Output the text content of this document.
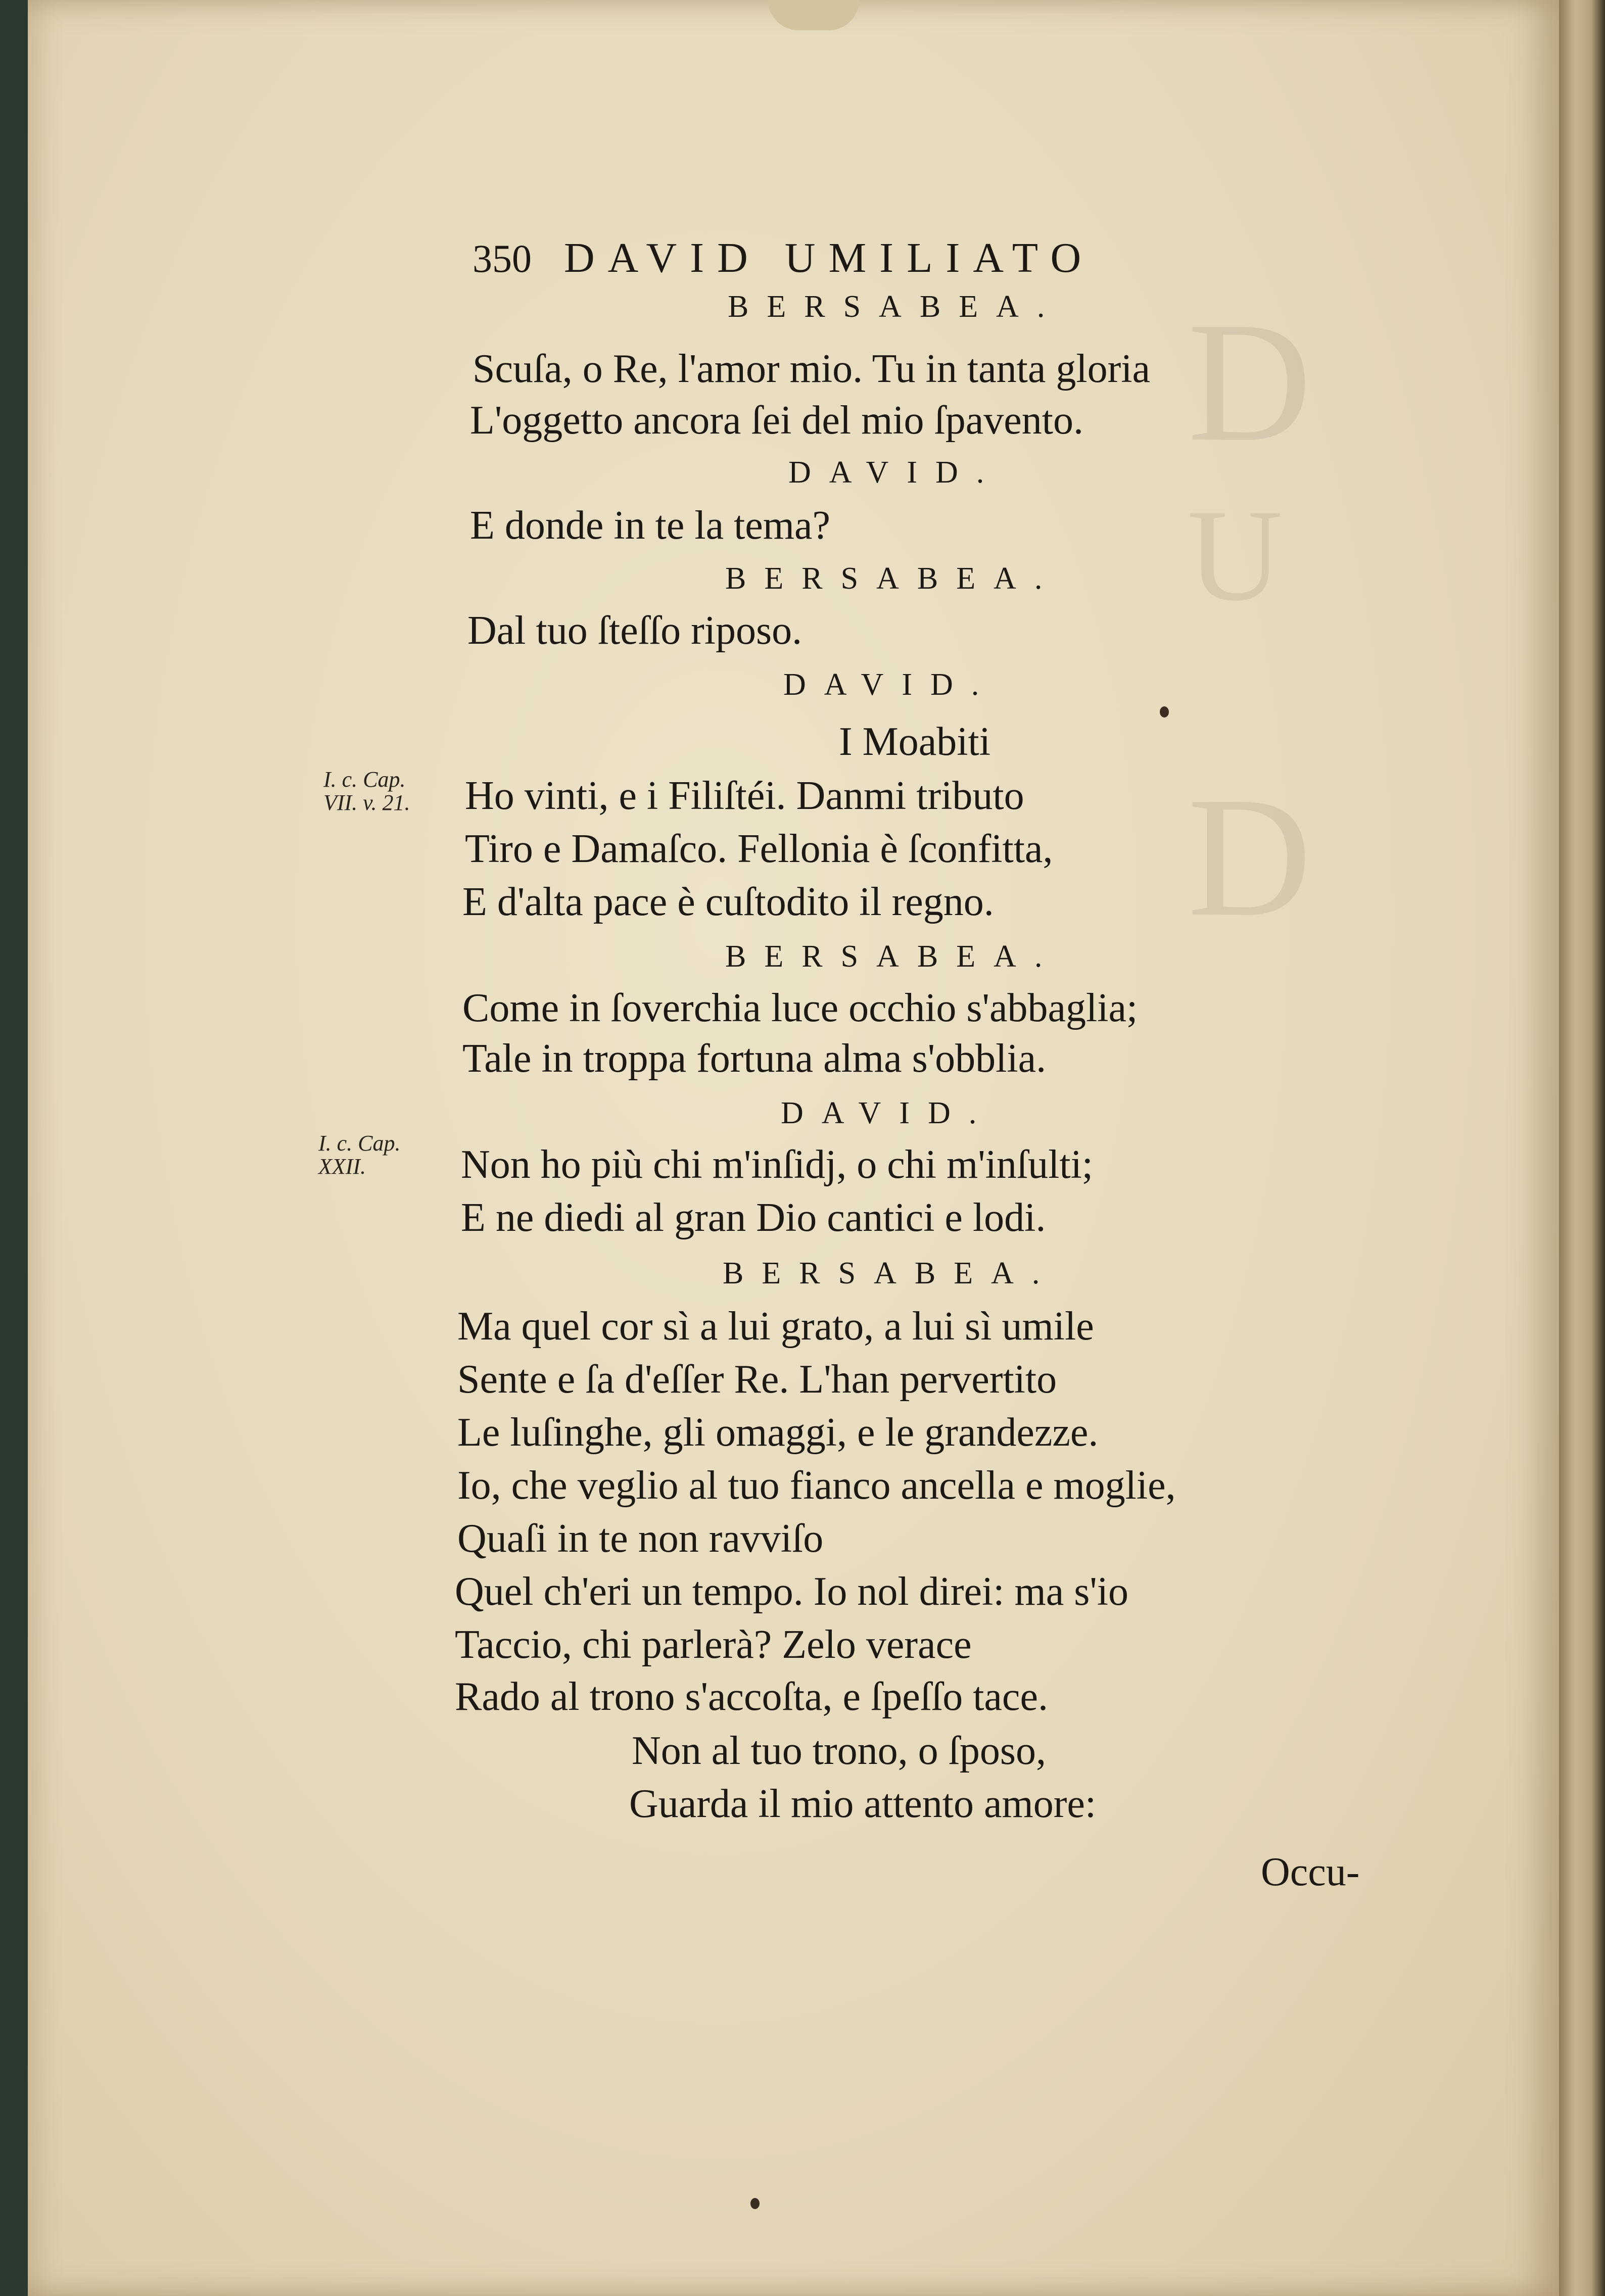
350 DAVID UMILIATO
BERSABEA.
Scuſa, o Re, l'amor mio. Tu in tanta gloria
L'oggetto ancora ſei del mio ſpavento.
DAVID.
E donde in te la tema?
BERSABEA.
Dal tuo ſteſſo riposo.
DAVID.
I Moabiti
I. c. Cap.
VII. v. 21. Ho vinti, e i Filiſtéi. Danmi tributo
Tiro e Damaſco. Fellonia è ſconfitta,
E d'alta pace è cuſtodito il regno.
BERSABEA.
Come in ſoverchia luce occhio s'abbaglia;
Tale in troppa fortuna alma s'obblia.
DAVID.
I. c. Cap.
XXII. Non ho più chi m'inſidj, o chi m'inſulti;
E ne diedi al gran Dio cantici e lodi.
BERSABEA.
Ma quel cor sì a lui grato, a lui sì umile
Sente e ſa d'eſſer Re. L'han pervertito
Le luſinghe, gli omaggi, e le grandezze.
Io, che veglio al tuo fianco ancella e moglie,
Quaſi in te non ravviſo
Quel ch'eri un tempo. Io nol direi: ma s'io
Taccio, chi parlerà? Zelo verace
Rado al trono s'accoſta, e ſpeſſo tace.
Non al tuo trono, o ſposo,
Guarda il mio attento amore:
Occu-
